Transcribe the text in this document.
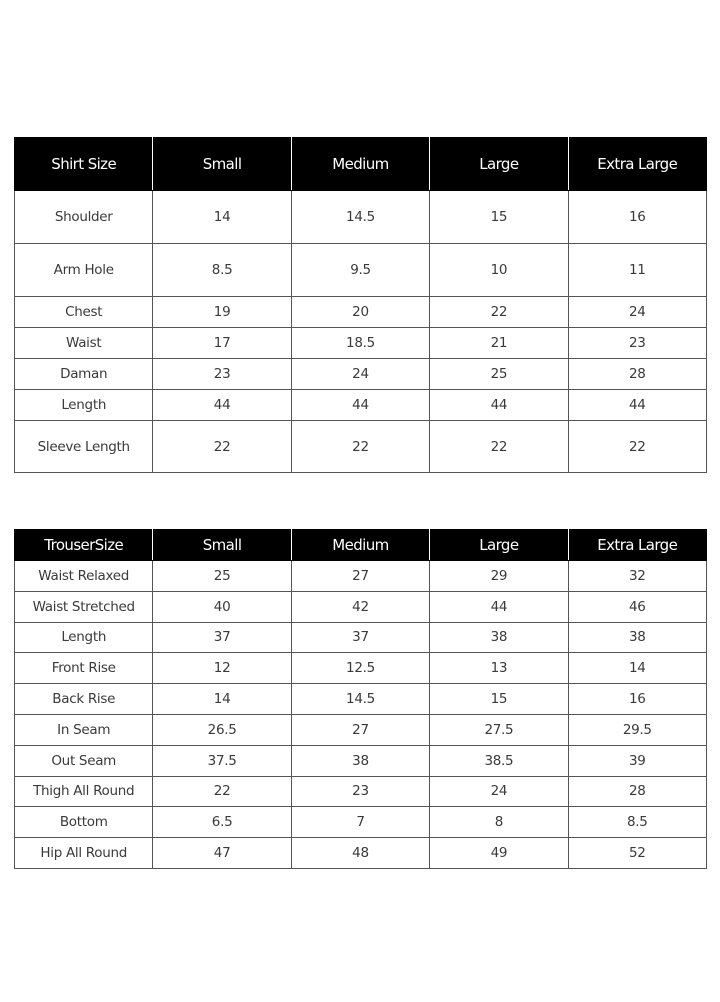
Shirt Size	Small	Medium	Large	Extra Large
Shoulder	14	14.5	15	16
Arm Hole	8.5	9.5	10	11
Chest	19	20	22	24
Waist	17	18.5	21	23
Daman	23	24	25	28
Length	44	44	44	44
Sleeve Length	22	22	22	22
TrouserSize	Small	Medium	Large	Extra Large
Waist Relaxed	25	27	29	32
Waist Stretched	40	42	44	46
Length	37	37	38	38
Front Rise	12	12.5	13	14
Back Rise	14	14.5	15	16
In Seam	26.5	27	27.5	29.5
Out Seam	37.5	38	38.5	39
Thigh All Round	22	23	24	28
Bottom	6.5	7	8	8.5
Hip All Round	47	48	49	52
